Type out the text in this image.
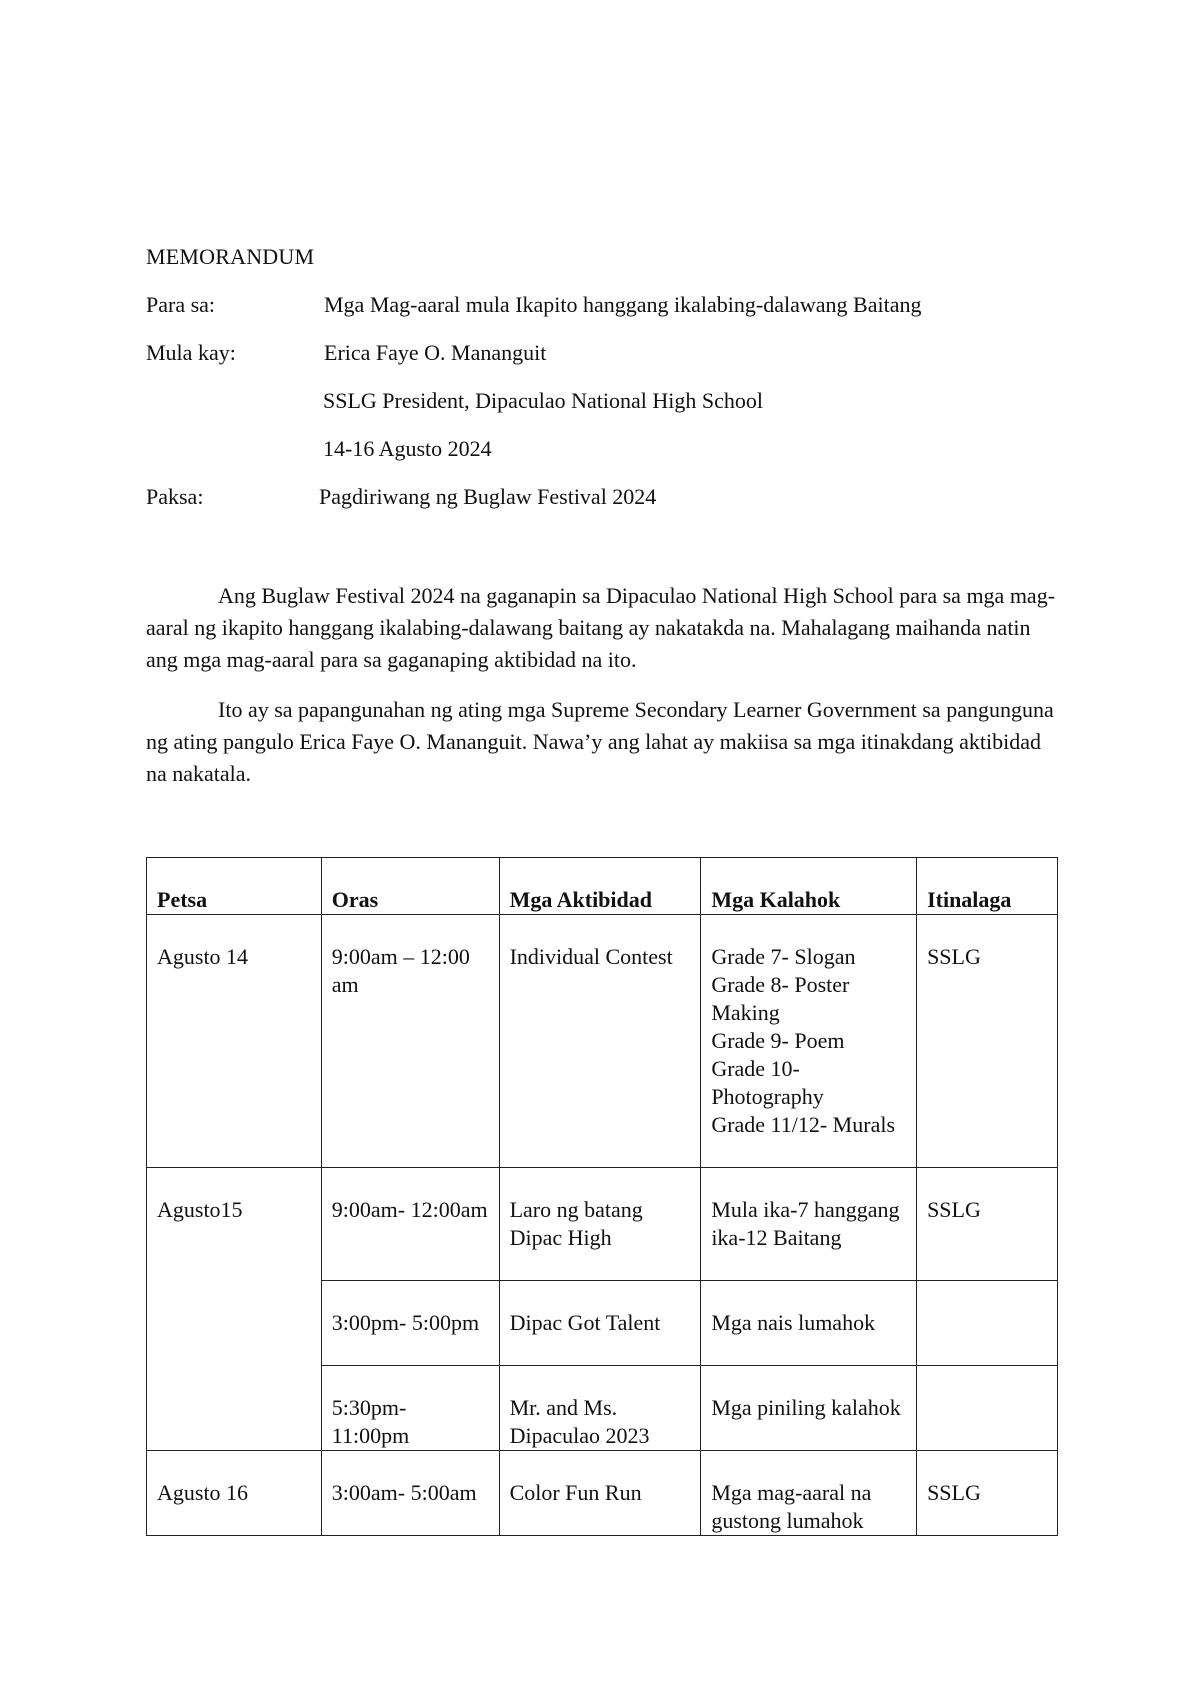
MEMORANDUM
Para sa:	Mga Mag-aaral mula Ikapito hanggang ikalabing-dalawang Baitang
Mula kay:	Erica Faye O. Mananguit
SSLG President, Dipaculao National High School
14-16 Agusto 2024
Paksa:	Pagdiriwang ng Buglaw Festival 2024

Ang Buglaw Festival 2024 na gaganapin sa Dipaculao National High School para sa mga mag-aaral ng ikapito hanggang ikalabing-dalawang baitang ay nakatakda na. Mahalagang maihanda natin ang mga mag-aaral para sa gaganaping aktibidad na ito.

Ito ay sa papangunahan ng ating mga Supreme Secondary Learner Government sa pangunguna ng ating pangulo Erica Faye O. Mananguit. Nawa’y ang lahat ay makiisa sa mga itinakdang aktibidad na nakatala.

Petsa	Oras	Mga Aktibidad	Mga Kalahok	Itinalaga
Agusto 14	9:00am – 12:00 am	Individual Contest	Grade 7- Slogan
Grade 8- Poster Making
Grade 9- Poem
Grade 10- Photography
Grade 11/12- Murals	SSLG
Agusto15	9:00am- 12:00am	Laro ng batang Dipac High	Mula ika-7 hanggang ika-12 Baitang	SSLG
	3:00pm- 5:00pm	Dipac Got Talent	Mga nais lumahok	
	5:30pm- 11:00pm	Mr. and Ms. Dipaculao 2023	Mga piniling kalahok	
Agusto 16	3:00am- 5:00am	Color Fun Run	Mga mag-aaral na gustong lumahok	SSLG
